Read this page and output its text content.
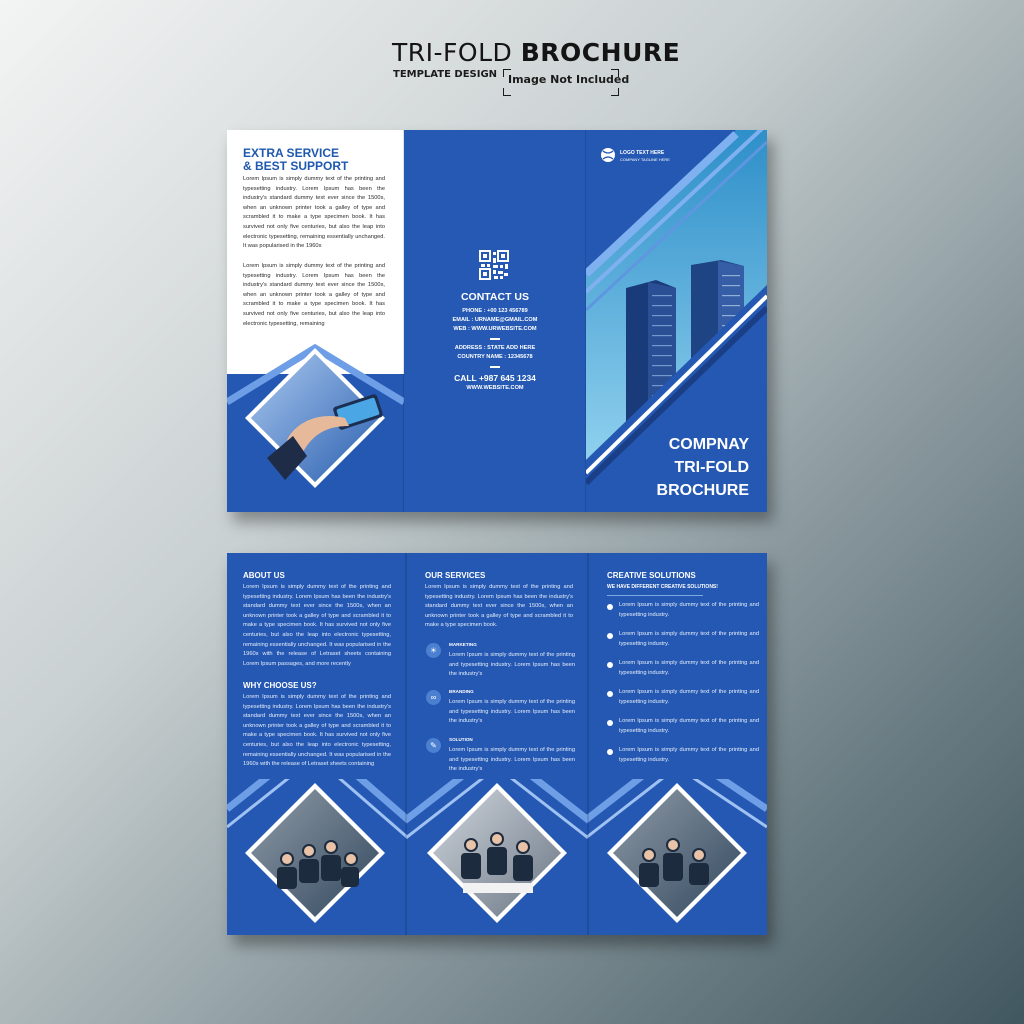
TRI-FOLD BROCHURE
TEMPLATE DESIGN Image Not Included
EXTRA SERVICE
& BEST SUPPORT
Lorem Ipsum is simply dummy text of the printing and typesetting industry. Lorem Ipsum has been the industry's standard dummy text ever since the 1500s, when an unknown printer took a galley of type and scrambled it to make a type specimen book. It has survived not only five centuries, but also the leap into electronic typesetting, remaining essentially unchanged. It was popularised in the 1960s
Lorem Ipsum is simply dummy text of the printing and typesetting industry. Lorem Ipsum has been the industry's standard dummy text ever since the 1500s, when an unknown printer took a galley of type and scrambled it to make a type specimen book. It has survived not only five centuries, but also the leap into electronic typesetting, remaining
CONTACT US
PHONE : +00 123 456789
EMAIL : URNAME@GMAIL.COM
WEB : WWW.URWEBSITE.COM
ADDRESS : STATE ADD HERE
COUNTRY NAME : 12345678
CALL +987 645 1234
WWW.WEBSITE.COM
LOGO TEXT HERE
COMPANY TAGLINE HERE
COMPNAY
TRI-FOLD
BROCHURE
ABOUT US
Lorem Ipsum is simply dummy text of the printing and typesetting industry. Lorem Ipsum has been the industry's standard dummy text ever since the 1500s, when an unknown printer took a galley of type and scrambled it to make a type specimen book. It has survived not only five centuries, but also the leap into electronic typesetting, remaining essentially unchanged. It was popularised in the 1960s with the release of Letraset sheets containing Lorem Ipsum passages, and more recently
WHY CHOOSE US?
Lorem Ipsum is simply dummy text of the printing and typesetting industry. Lorem Ipsum has been the industry's standard dummy text ever since the 1500s, when an unknown printer took a galley of type and scrambled it to make a type specimen book. It has survived not only five centuries, but also the leap into electronic typesetting, remaining essentially unchanged. It was popularised in the 1960s with the release of Letraset sheets containing
OUR SERVICES
Lorem Ipsum is simply dummy text of the printing and typesetting industry. Lorem Ipsum has been the industry's standard dummy text ever since the 1500s, when an unknown printer took a galley of type and scrambled it to make a type specimen book.
☀
MARKETING
Lorem Ipsum is simply dummy text of the printing and typesetting industry. Lorem Ipsum has been the industry's
∞
BRANDING
Lorem Ipsum is simply dummy text of the printing and typesetting industry. Lorem Ipsum has been the industry's
✎
SOLUTION
Lorem Ipsum is simply dummy text of the printing and typesetting industry. Lorem Ipsum has been the industry's
CREATIVE SOLUTIONS
WE HAVE DIFFERENT CREATIVE SOLUTIONS!
Lorem Ipsum is simply dummy text of the printing and typesetting industry.
Lorem Ipsum is simply dummy text of the printing and typesetting industry.
Lorem Ipsum is simply dummy text of the printing and typesetting industry.
Lorem Ipsum is simply dummy text of the printing and typesetting industry.
Lorem Ipsum is simply dummy text of the printing and typesetting industry.
Lorem Ipsum is simply dummy text of the printing and typesetting industry.
